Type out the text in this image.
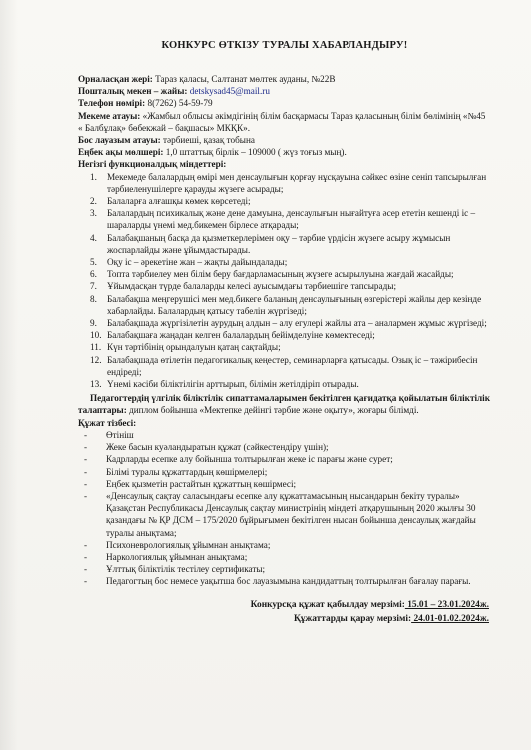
КОНКУРС ӨТКІЗУ ТУРАЛЫ ХАБАРЛАНДЫРУ!

Орналасқан жері: Тараз қаласы, Салтанат мөлтек ауданы, №22В

Пошталық мекен – жайы: detskysad45@mail.ru

Телефон нөмірі: 8(7262) 54-59-79

Мекеме атауы: «Жамбыл облысы әкімдігінің білім басқармасы Тараз қаласының білім бөлімінің «№45 « Балбұлақ» бөбекжай – бақшасы» МКҚК».

Бос лауазым атауы: тәрбиеші, қазақ тобына

Еңбек ақы мөлшері: 1,0 штаттық бірлік – 109000 ( жүз тоғыз мың).

Негізгі функционалдық міндеттері:

1.	Мекемеде балалардың өмірі мен денсаулығын қорғау нұсқауына сәйкес өзіне сеніп тапсырылған тәрбиеленушілерге қарауды жүзеге асырады;
2.	Балаларға алғашқы көмек көрсетеді;
3.	Балалардың психикалық және дене дамуына, денсаулығын нығайтуға әсер ететін кешенді іс – шараларды үнемі мед.бикемен бірлесе атқарады;
4.	Балабақшаның басқа да қызметкерлерімен оқу – тәрбие үрдісін жүзеге асыру жұмысын жоспарлайды және ұйымдастырады.
5.	Оқу іс – әрекетіне жан – жақты дайындалады;
6.	Топта тәрбиелеу мен білім беру бағдарламасының жүзеге асырылуына жағдай жасайды;
7.	Ұйымдасқан түрде балаларды келесі ауысымдағы тәрбиешіге тапсырады;
8.	Балабақша меңгерушісі мен мед.бикеге баланың денсаулығының өзгерістері жайлы дер кезінде хабарлайды. Балалардың қатысу табелін жүргізеді;
9.	Балабақшада жүргізілетін аурудың алдын – алу егулері жайлы ата – аналармен жұмыс жүргізеді;
10. Балабақшаға жаңадан келген балалардың бейімделуіне көмектеседі;
11. Күн тәртібінің орындалуын қатаң сақтайды;
12. Балабақшада өтілетін педагогикалық кеңестер, семинарларға қатысады. Озық іс – тәжірибесін ендіреді;
13. Үнемі кәсіби біліктілігін арттырып, білімін жетілдіріп отырады.

Педагогтердің үлгілік біліктілік сипаттамаларымен бекітілген қағидатқа қойылатын біліктілік талаптары: диплом бойынша «Мектепке дейінгі тәрбие және оқыту», жоғары білімді.

Құжат тізбесі:

-	Өтініш
-	Жеке басын куәландыратын құжат (сәйкестендіру үшін);
-	Кадрларды есепке алу бойынша толтырылған жеке іс парағы және сурет;
-	Білімі туралы құжаттардың көшірмелері;
-	Еңбек қызметін растайтын құжаттың көшірмесі;
-	«Денсаулық сақтау саласындағы есепке алу құжаттамасының нысандарын бекіту туралы» Қазақстан Республикасы Денсаулық сақтау министрінің міндеті атқарушының 2020 жылғы 30 қазандағы № ҚР ДСМ – 175/2020 бұйрығымен бекітілген нысан бойынша денсаулық жағдайы туралы анықтама;
-	Психоневрологиялық ұйымнан анықтама;
-	Наркологиялық ұйымнан анықтама;
-	Ұлттық біліктілік тестілеу сертификаты;
-	Педагогтың бос немесе уақытша бос лауазымына кандидаттың толтырылған бағалау парағы.
Конкурсқа құжат қабылдау мерзімі: 15.01 – 23.01.2024ж.
Құжаттарды қарау мерзімі: 24.01-01.02.2024ж.
